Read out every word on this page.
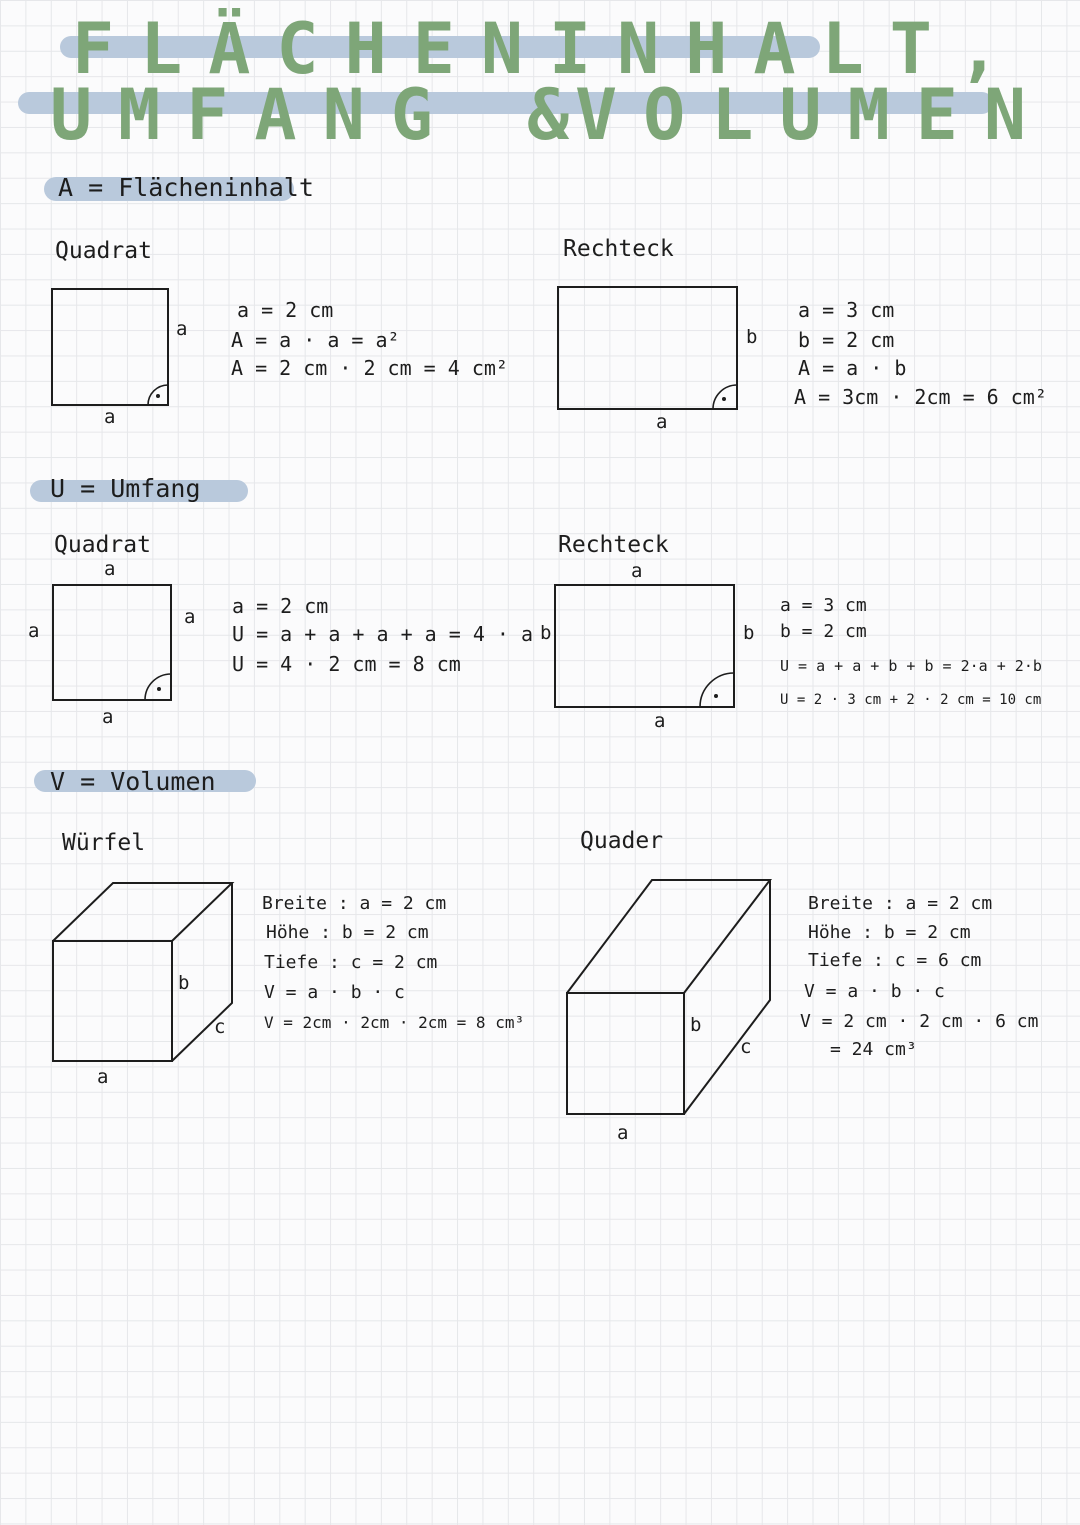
FLÄCHENINHALT,
UMFANG &
VOLUMEN
A = Flächeninhalt
Quadrat
a
a
a = 2 cm
A = a · a = a²
A = 2 cm · 2 cm = 4 cm²
Rechteck
b
a
a = 3 cm
b = 2 cm
A = a · b
A = 3cm · 2cm = 6 cm²
U = Umfang
Quadrat
a
a
a
a
a = 2 cm
U = a + a + a + a = 4 · a
U = 4 · 2 cm = 8 cm
b
Rechteck
a
b
a
a = 3 cm
b = 2 cm
U = a + a + b + b = 2·a + 2·b
U = 2 · 3 cm + 2 · 2 cm = 10 cm
V = Volumen
Würfel
b
c
a
Breite : a = 2 cm
Höhe : b = 2 cm
Tiefe : c = 2 cm
V = a · b · c
V = 2cm · 2cm · 2cm = 8 cm³
Quader
b
c
a
Breite : a = 2 cm
Höhe : b = 2 cm
Tiefe : c = 6 cm
V = a · b · c
V = 2 cm · 2 cm · 6 cm
= 24 cm³
